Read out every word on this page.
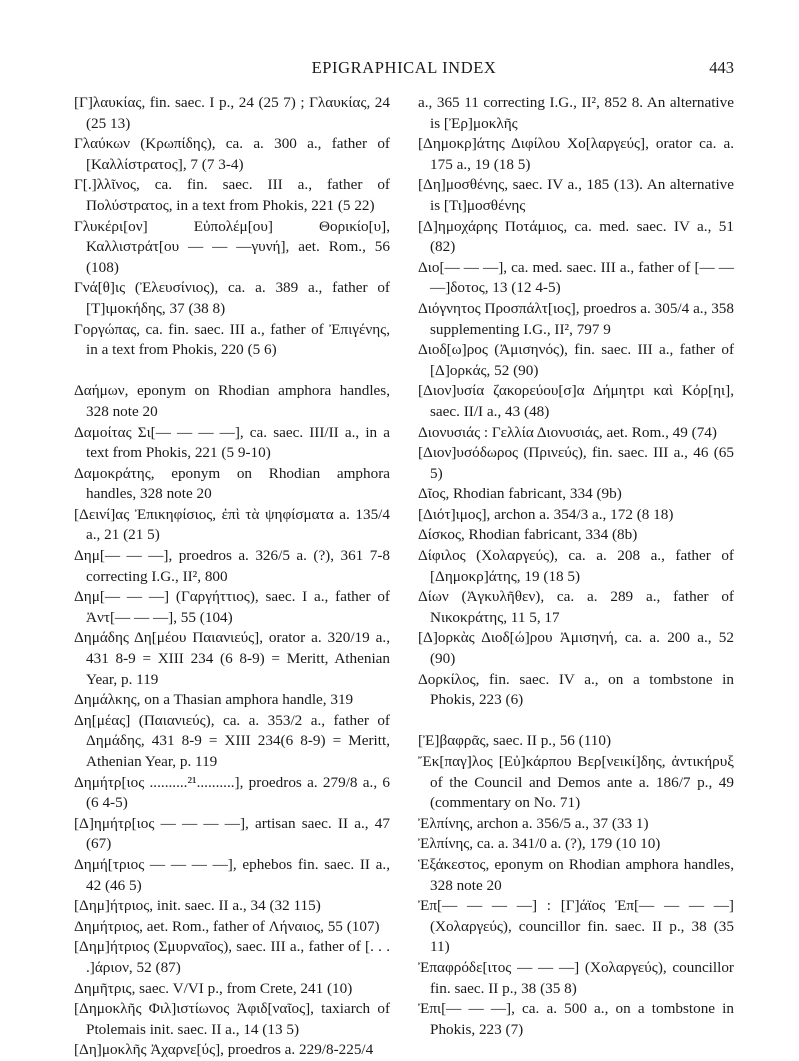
EPIGRAPHICAL INDEX	443
[Γ]λαυκίας, fin. saec. I p., 24 (25 7) ; Γλαυκίας, 24 (25 13)
Γλαύκων (Κρωπίδης), ca. a. 300 a., father of [Καλλίστρατος], 7 (7 3-4)
Γ[.]λλῖνος, ca. fin. saec. III a., father of Πολύστρατος, in a text from Phokis, 221 (5 22)
Γλυκέρι[ον] Εὐπολέμ[ου] Θορικίο[υ], Καλλιστράτ[ου — — —γυνή], aet. Rom., 56 (108)
Γνά[θ]ις (Ἐλευσίνιος), ca. a. 389 a., father of [Τ]ιμοκήδης, 37 (38 8)
Γοργώπας, ca. fin. saec. III a., father of Ἐπιγένης, in a text from Phokis, 220 (5 6)
Δαήμων, eponym on Rhodian amphora handles, 328 note 20
Δαμοίτας Σι[— — — —], ca. saec. III/II a., in a text from Phokis, 221 (5 9-10)
Δαμοκράτης, eponym on Rhodian amphora handles, 328 note 20
[Δεινί]ας Ἐπικηφίσιος, ἐπὶ τὰ ψηφίσματα a. 135/4 a., 21 (21 5)
Δημ[— — —], proedros a. 326/5 a. (?), 361 7-8 correcting I.G., II², 800
Δημ[— — —] (Γαργήττιος), saec. I a., father of Ἀντ[— — —], 55 (104)
Δημάδης Δη[μέου Παιανιεύς], orator a. 320/19 a., 431 8-9 = XIII 234 (6 8-9) = Meritt, Athenian Year, p. 119
Δημάλκης, on a Thasian amphora handle, 319
Δη[μέας] (Παιανιεύς), ca. a. 353/2 a., father of Δημάδης, 431 8-9 = XIII 234(6 8-9) = Meritt, Athenian Year, p. 119
Δημήτρ[ιος ..........²¹..........], proedros a. 279/8 a., 6 (6 4-5)
[Δ]ημήτρ[ιος — — — —], artisan saec. II a., 47 (67)
Δημή[τριος — — — —], ephebos fin. saec. II a., 42 (46 5)
[Δημ]ήτριος, init. saec. II a., 34 (32 115)
Δημήτριος, aet. Rom., father of Λήναιος, 55 (107)
[Δημ]ήτριος (Σμυρναῖος), saec. III a., father of [. . . .]άριον, 52 (87)
Δημῆτρις, saec. V/VI p., from Crete, 241 (10)
[Δημοκλῆς Φιλ]ιστίωνος Ἀφιδ[ναῖος], taxiarch of Ptolemais init. saec. II a., 14 (13 5)
[Δη]μοκλῆς Ἀχαρνε[ύς], proedros a. 229/8-225/4
a., 365 11 correcting I.G., II², 852 8. An alternative is [Ἐρ]μοκλῆς
[Δημοκρ]άτης Διφίλου Χο[λαργεύς], orator ca. a. 175 a., 19 (18 5)
[Δη]μοσθένης, saec. IV a., 185 (13). An alternative is [Τι]μοσθένης
[Δ]ημοχάρης Ποτάμιος, ca. med. saec. IV a., 51 (82)
Διο[— — —], ca. med. saec. III a., father of [— — —]δοτος, 13 (12 4-5)
Διόγνητος Προσπάλτ[ιος], proedros a. 305/4 a., 358 supplementing I.G., II², 797 9
Διοδ[ω]ρος (Ἀμισηνός), fin. saec. III a., father of [Δ]ορκάς, 52 (90)
[Διον]υσία ζακορεύου[σ]α Δήμητρι καὶ Κόρ[ηι], saec. II/I a., 43 (48)
Διονυσιάς : Γελλία Διονυσιάς, aet. Rom., 49 (74)
[Διον]υσόδωρος (Πρινεύς), fin. saec. III a., 46 (65 5)
Δῖος, Rhodian fabricant, 334 (9b)
[Διότ]ιμος], archon a. 354/3 a., 172 (8 18)
Δίσκος, Rhodian fabricant, 334 (8b)
Δίφιλος (Χολαργεύς), ca. a. 208 a., father of [Δημοκρ]άτης, 19 (18 5)
Δίων (Ἀγκυλῆθεν), ca. a. 289 a., father of Νικοκράτης, 11 5, 17
[Δ]ορκὰς Διοδ[ώ]ρου Ἀμισηνή, ca. a. 200 a., 52 (90)
Δορκίλος, fin. saec. IV a., on a tombstone in Phokis, 223 (6)
[Ἐ]βαφρᾶς, saec. II p., 56 (110)
Ἔκ[παγ]λος [Εὐ]κάρπου Βερ[νεικί]δης, ἀντικήρυξ of the Council and Demos ante a. 186/7 p., 49 (commentary on No. 71)
Ἐλπίνης, archon a. 356/5 a., 37 (33 1)
Ἐλπίνης, ca. a. 341/0 a. (?), 179 (10 10)
Ἑξάκεστος, eponym on Rhodian amphora handles, 328 note 20
Ἐπ[— — — —] : [Γ]άϊος Ἐπ[— — — —] (Χολαργεύς), councillor fin. saec. II p., 38 (35 11)
Ἐπαφρόδε[ιτος — — —] (Χολαργεύς), councillor fin. saec. II p., 38 (35 8)
Ἐπι[— — —], ca. a. 500 a., on a tombstone in Phokis, 223 (7)
